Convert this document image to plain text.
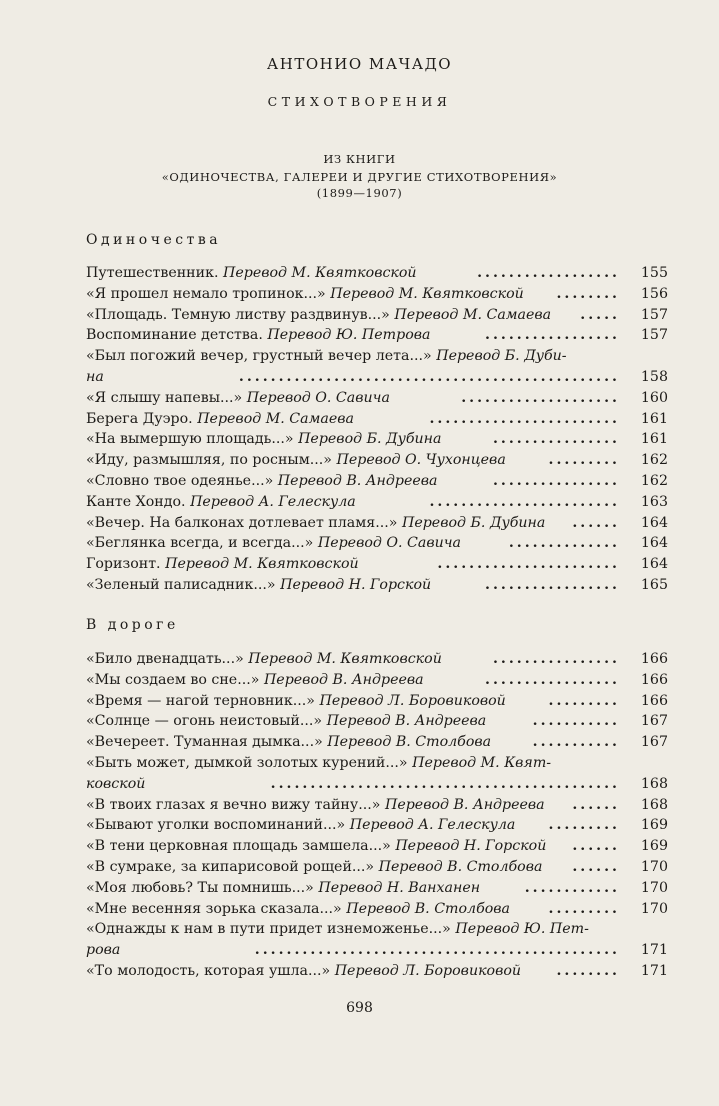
АНТОНИО МАЧАДО
СТИХОТВОРЕНИЯ
ИЗ КНИГИ
«ОДИНОЧЕСТВА, ГАЛЕРЕИ И ДРУГИЕ СТИХОТВОРЕНИЯ»
(1899—1907)
Одиночества
Путешественник. Перевод М. Квятковской	..................	155
«Я прошел немало тропинок...» Перевод М. Квятковской ........	156
«Площадь. Темную листву раздвинув...» Перевод М. Самаева .....	157
Воспоминание детства. Перевод Ю. Петрова	.................	157
«Был погожий вечер, грустный вечер лета...» Перевод Б. Дуби-
на	................................................	158
«Я слышу напевы...» Перевод О. Савича	....................	160
Берега Дуэро. Перевод М. Самаева	........................	161
«На вымершую площадь...» Перевод Б. Дубина	................	161
«Иду, размышляя, по росным...» Перевод О. Чухонцева	.........	162
«Словно твое одеянье...» Перевод В. Андреева	................	162
Канте Хондо. Перевод А. Гелескула	........................	163
«Вечер. На балконах дотлевает пламя...» Перевод Б. Дубина ......	164
«Беглянка всегда, и всегда...» Перевод О. Савича	..............	164
Горизонт. Перевод М. Квятковской	.......................	164
«Зеленый палисадник...» Перевод Н. Горской	.................	165
В дороге
«Било двенадцать...» Перевод М. Квятковской	................	166
«Мы создаем во сне...» Перевод В. Андреева	.................	166
«Время — нагой терновник...» Перевод Л. Боровиковой	.........	166
«Солнце — огонь неистовый...» Перевод В. Андреева	...........	167
«Вечереет. Туманная дымка...» Перевод В. Столбова	...........	167
«Быть может, дымкой золотых курений...» Перевод М. Квят-
ковской	............................................	168
«В твоих глазах я вечно вижу тайну...» Перевод В. Андреева ......	168
«Бывают уголки воспоминаний...» Перевод А. Гелескула .........	169
«В тени церковная площадь замшела...» Перевод Н. Горской ......	169
«В сумраке, за кипарисовой рощей...» Перевод В. Столбова ......	170
«Моя любовь? Ты помнишь...» Перевод Н. Ванханен	............	170
«Мне весенняя зорька сказала...» Перевод В. Столбова	.........	170
«Однажды к нам в пути придет изнеможенье...» Перевод Ю. Пет-
рова	..............................................	171
«То молодость, которая ушла...» Перевод Л. Боровиковой ........	171
698
